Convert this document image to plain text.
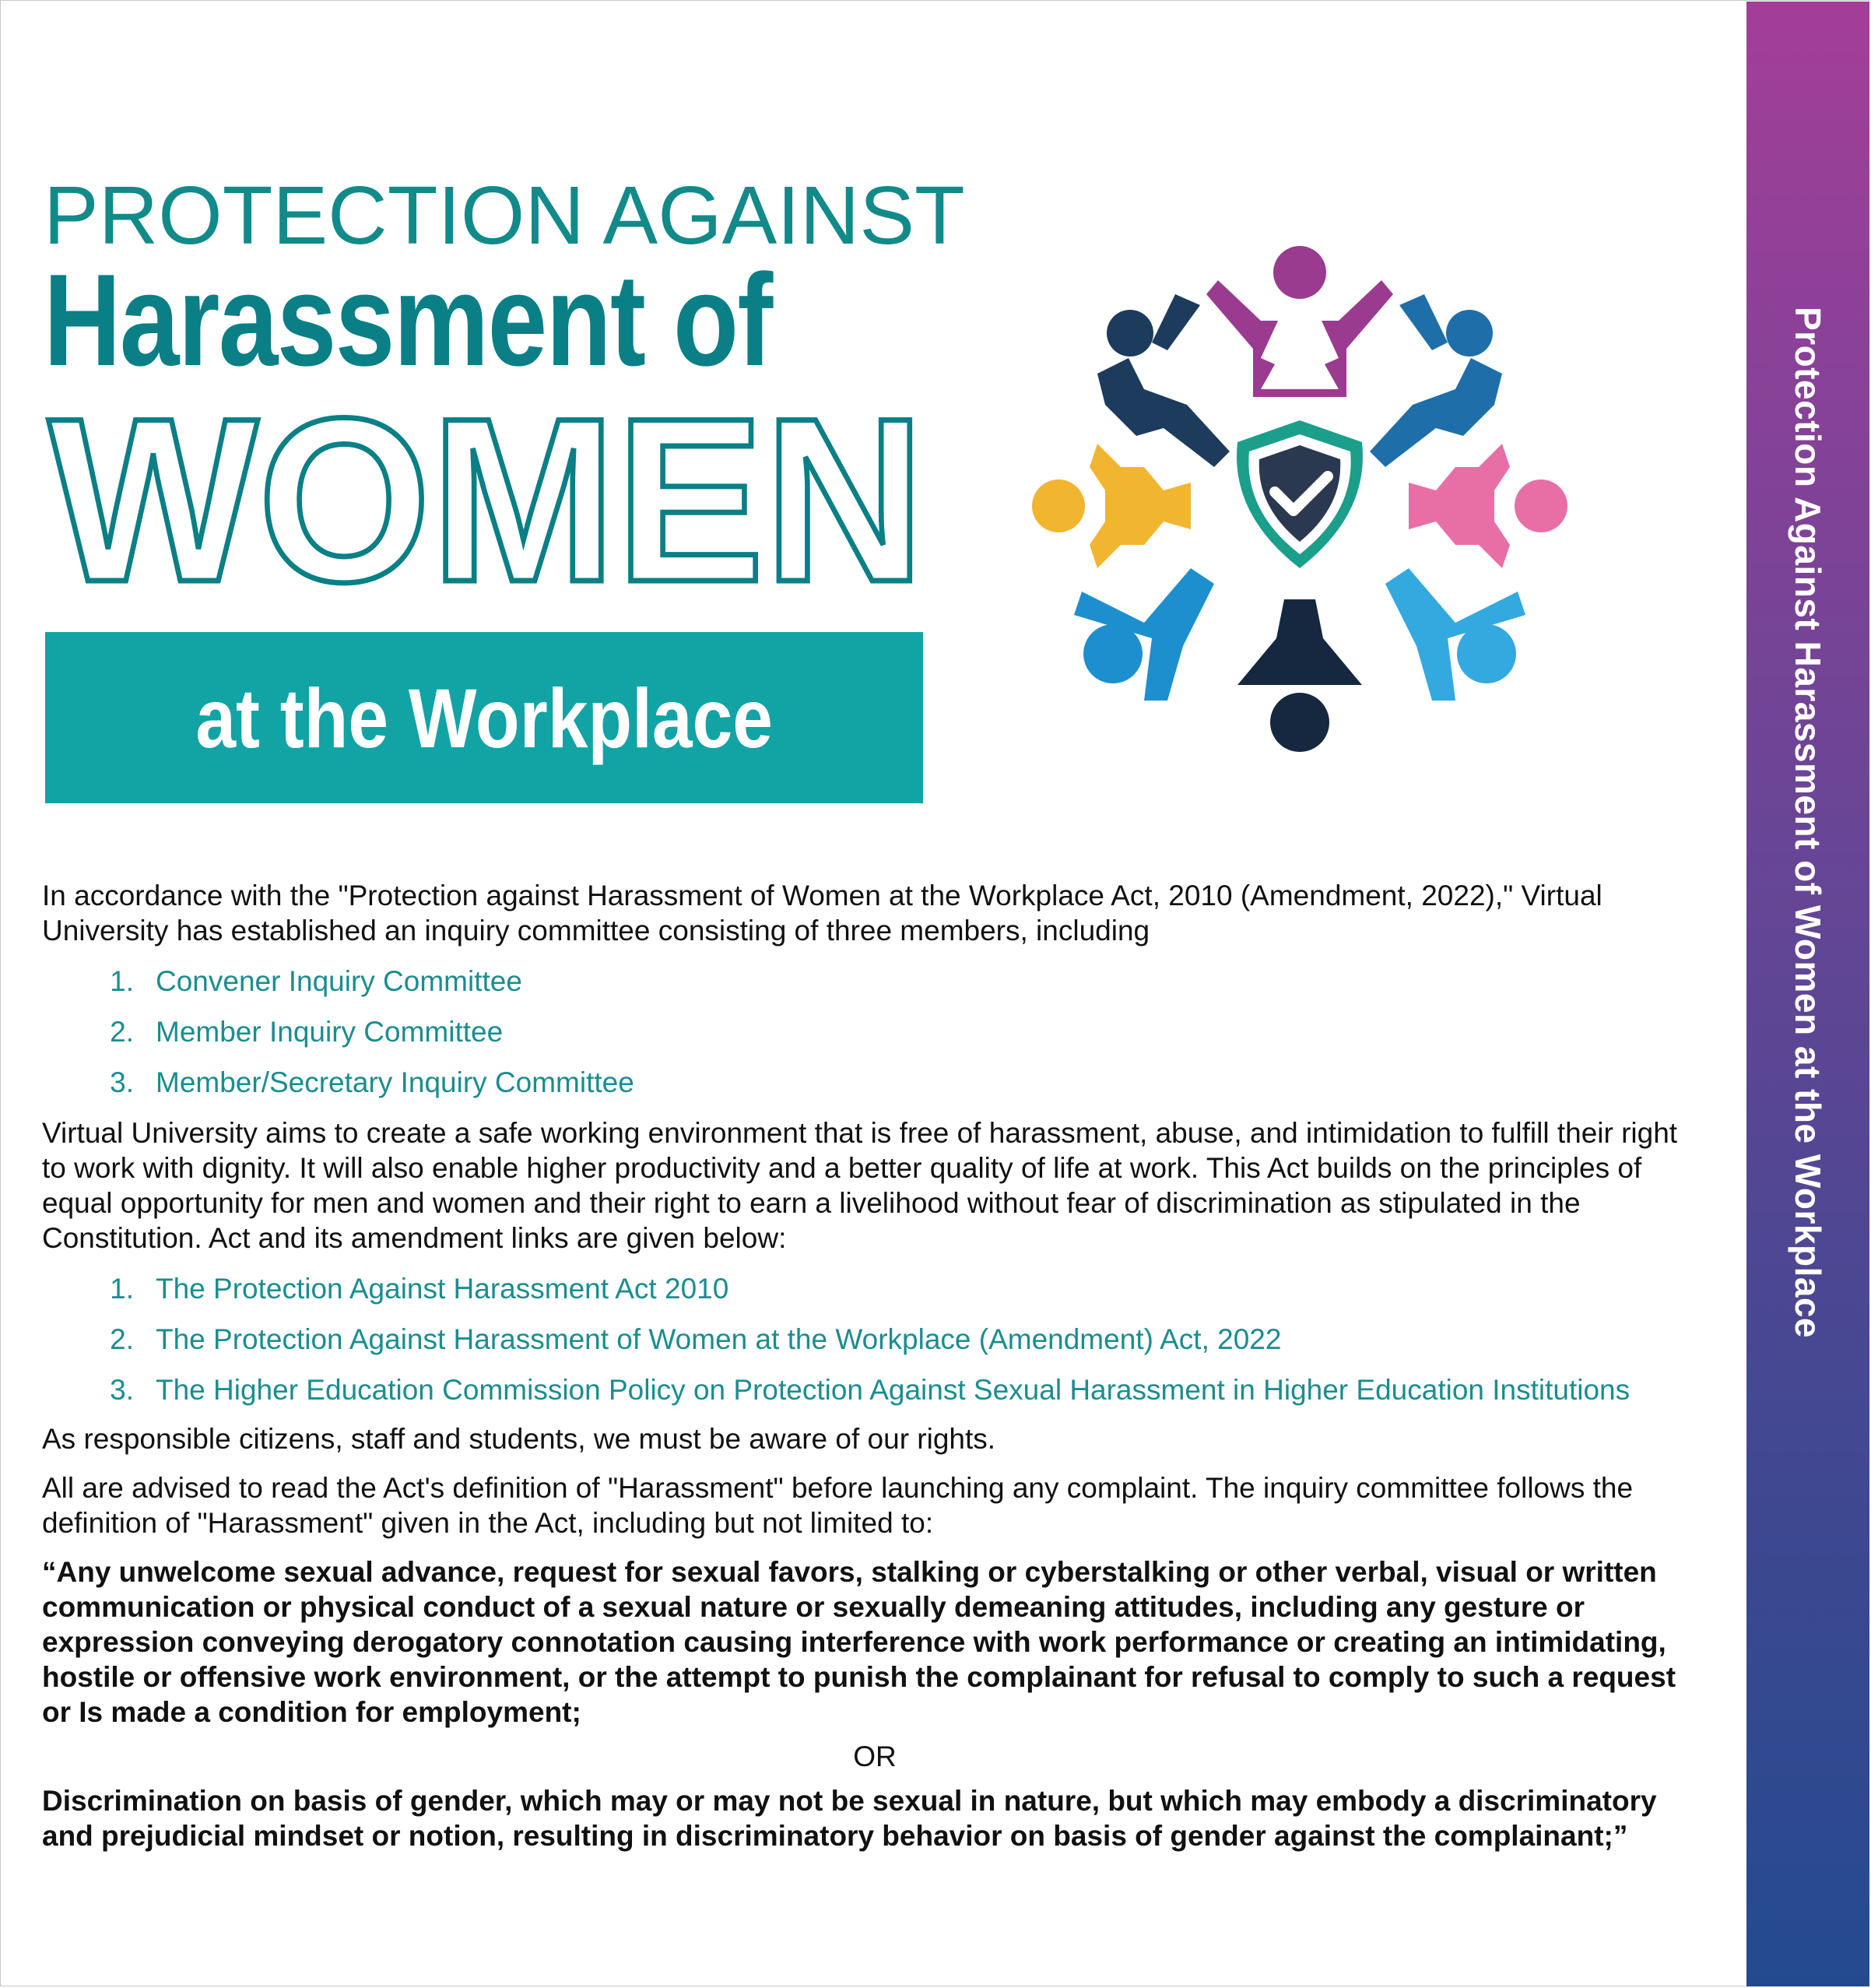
Protection Against Harassment of Women at the Workplace
PROTECTION AGAINST
Harassment of
WOMEN
at the Workplace

In accordance with the "Protection against Harassment of Women at the Workplace Act, 2010 (Amendment, 2022)," Virtual University has established an inquiry committee consisting of three members, including

1. Convener Inquiry Committee
2. Member Inquiry Committee
3. Member/Secretary Inquiry Committee

Virtual University aims to create a safe working environment that is free of harassment, abuse, and intimidation to fulfill their right to work with dignity. It will also enable higher productivity and a better quality of life at work. This Act builds on the principles of equal opportunity for men and women and their right to earn a livelihood without fear of discrimination as stipulated in the Constitution. Act and its amendment links are given below:

1. The Protection Against Harassment Act 2010
2. The Protection Against Harassment of Women at the Workplace (Amendment) Act, 2022
3. The Higher Education Commission Policy on Protection Against Sexual Harassment in Higher Education Institutions

As responsible citizens, staff and students, we must be aware of our rights.

All are advised to read the Act's definition of "Harassment" before launching any complaint. The inquiry committee follows the definition of "Harassment" given in the Act, including but not limited to:

“Any unwelcome sexual advance, request for sexual favors, stalking or cyberstalking or other verbal, visual or written communication or physical conduct of a sexual nature or sexually demeaning attitudes, including any gesture or expression conveying derogatory connotation causing interference with work performance or creating an intimidating, hostile or offensive work environment, or the attempt to punish the complainant for refusal to comply to such a request or Is made a condition for employment;

OR

Discrimination on basis of gender, which may or may not be sexual in nature, but which may embody a discriminatory and prejudicial mindset or notion, resulting in discriminatory behavior on basis of gender against the complainant;”
